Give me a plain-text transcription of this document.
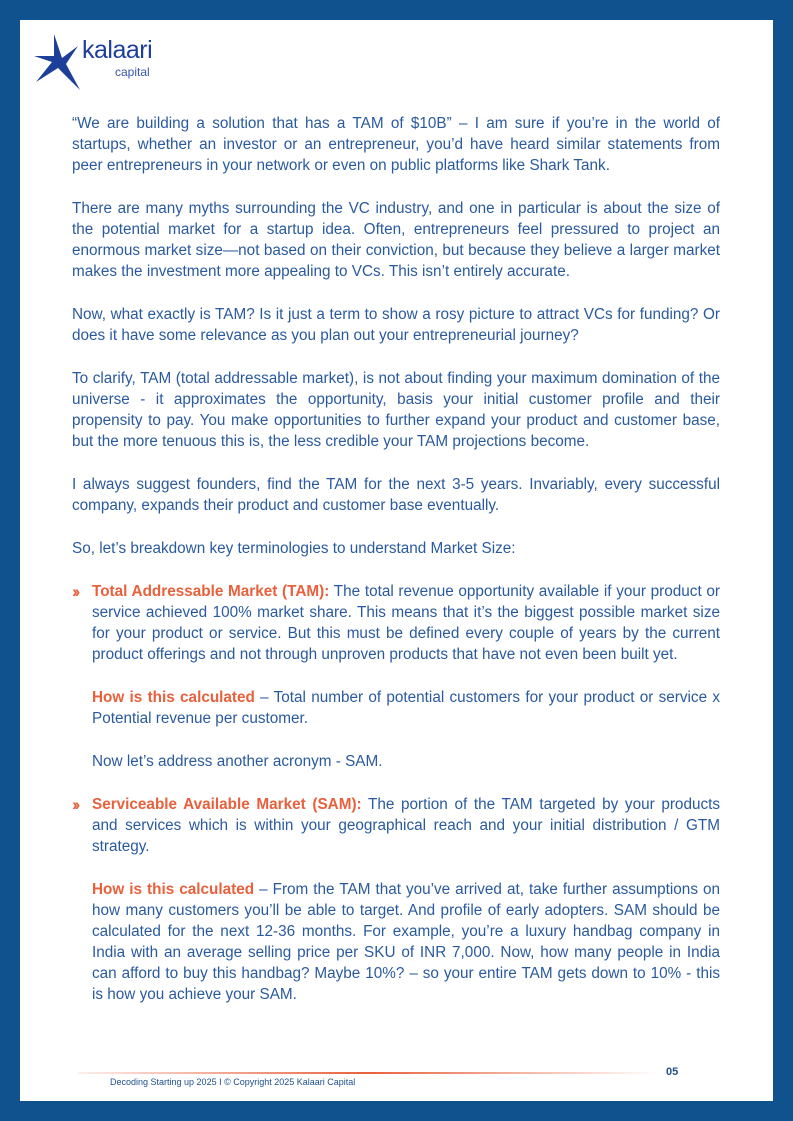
kalaari
capital

“We are building a solution that has a TAM of $10B” – I am sure if you’re in the world of startups, whether an investor or an entrepreneur, you’d have heard similar statements from peer entrepreneurs in your network or even on public platforms like Shark Tank.

There are many myths surrounding the VC industry, and one in particular is about the size of the potential market for a startup idea. Often, entrepreneurs feel pressured to project an enormous market size—not based on their conviction, but because they believe a larger market makes the investment more appealing to VCs. This isn’t entirely accurate.

Now, what exactly is TAM? Is it just a term to show a rosy picture to attract VCs for funding? Or does it have some relevance as you plan out your entrepreneurial journey?

To clarify, TAM (total addressable market), is not about finding your maximum domination of the universe - it approximates the opportunity, basis your initial customer profile and their propensity to pay. You make opportunities to further expand your product and customer base, but the more tenuous this is, the less credible your TAM projections become.

I always suggest founders, find the TAM for the next 3-5 years. Invariably, every successful company, expands their product and customer base eventually.

So, let’s breakdown key terminologies to understand Market Size:

›› Total Addressable Market (TAM): The total revenue opportunity available if your product or service achieved 100% market share. This means that it’s the biggest possible market size for your product or service. But this must be defined every couple of years by the current product offerings and not through unproven products that have not even been built yet.

How is this calculated – Total number of potential customers for your product or service x Potential revenue per customer.

Now let’s address another acronym - SAM.

›› Serviceable Available Market (SAM): The portion of the TAM targeted by your products and services which is within your geographical reach and your initial distribution / GTM strategy.

How is this calculated – From the TAM that you’ve arrived at, take further assumptions on how many customers you’ll be able to target. And profile of early adopters. SAM should be calculated for the next 12-36 months. For example, you’re a luxury handbag company in India with an average selling price per SKU of INR 7,000. Now, how many people in India can afford to buy this handbag? Maybe 10%? – so your entire TAM gets down to 10% - this is how you achieve your SAM.

Decoding Starting up 2025 I © Copyright 2025 Kalaari Capital
05
